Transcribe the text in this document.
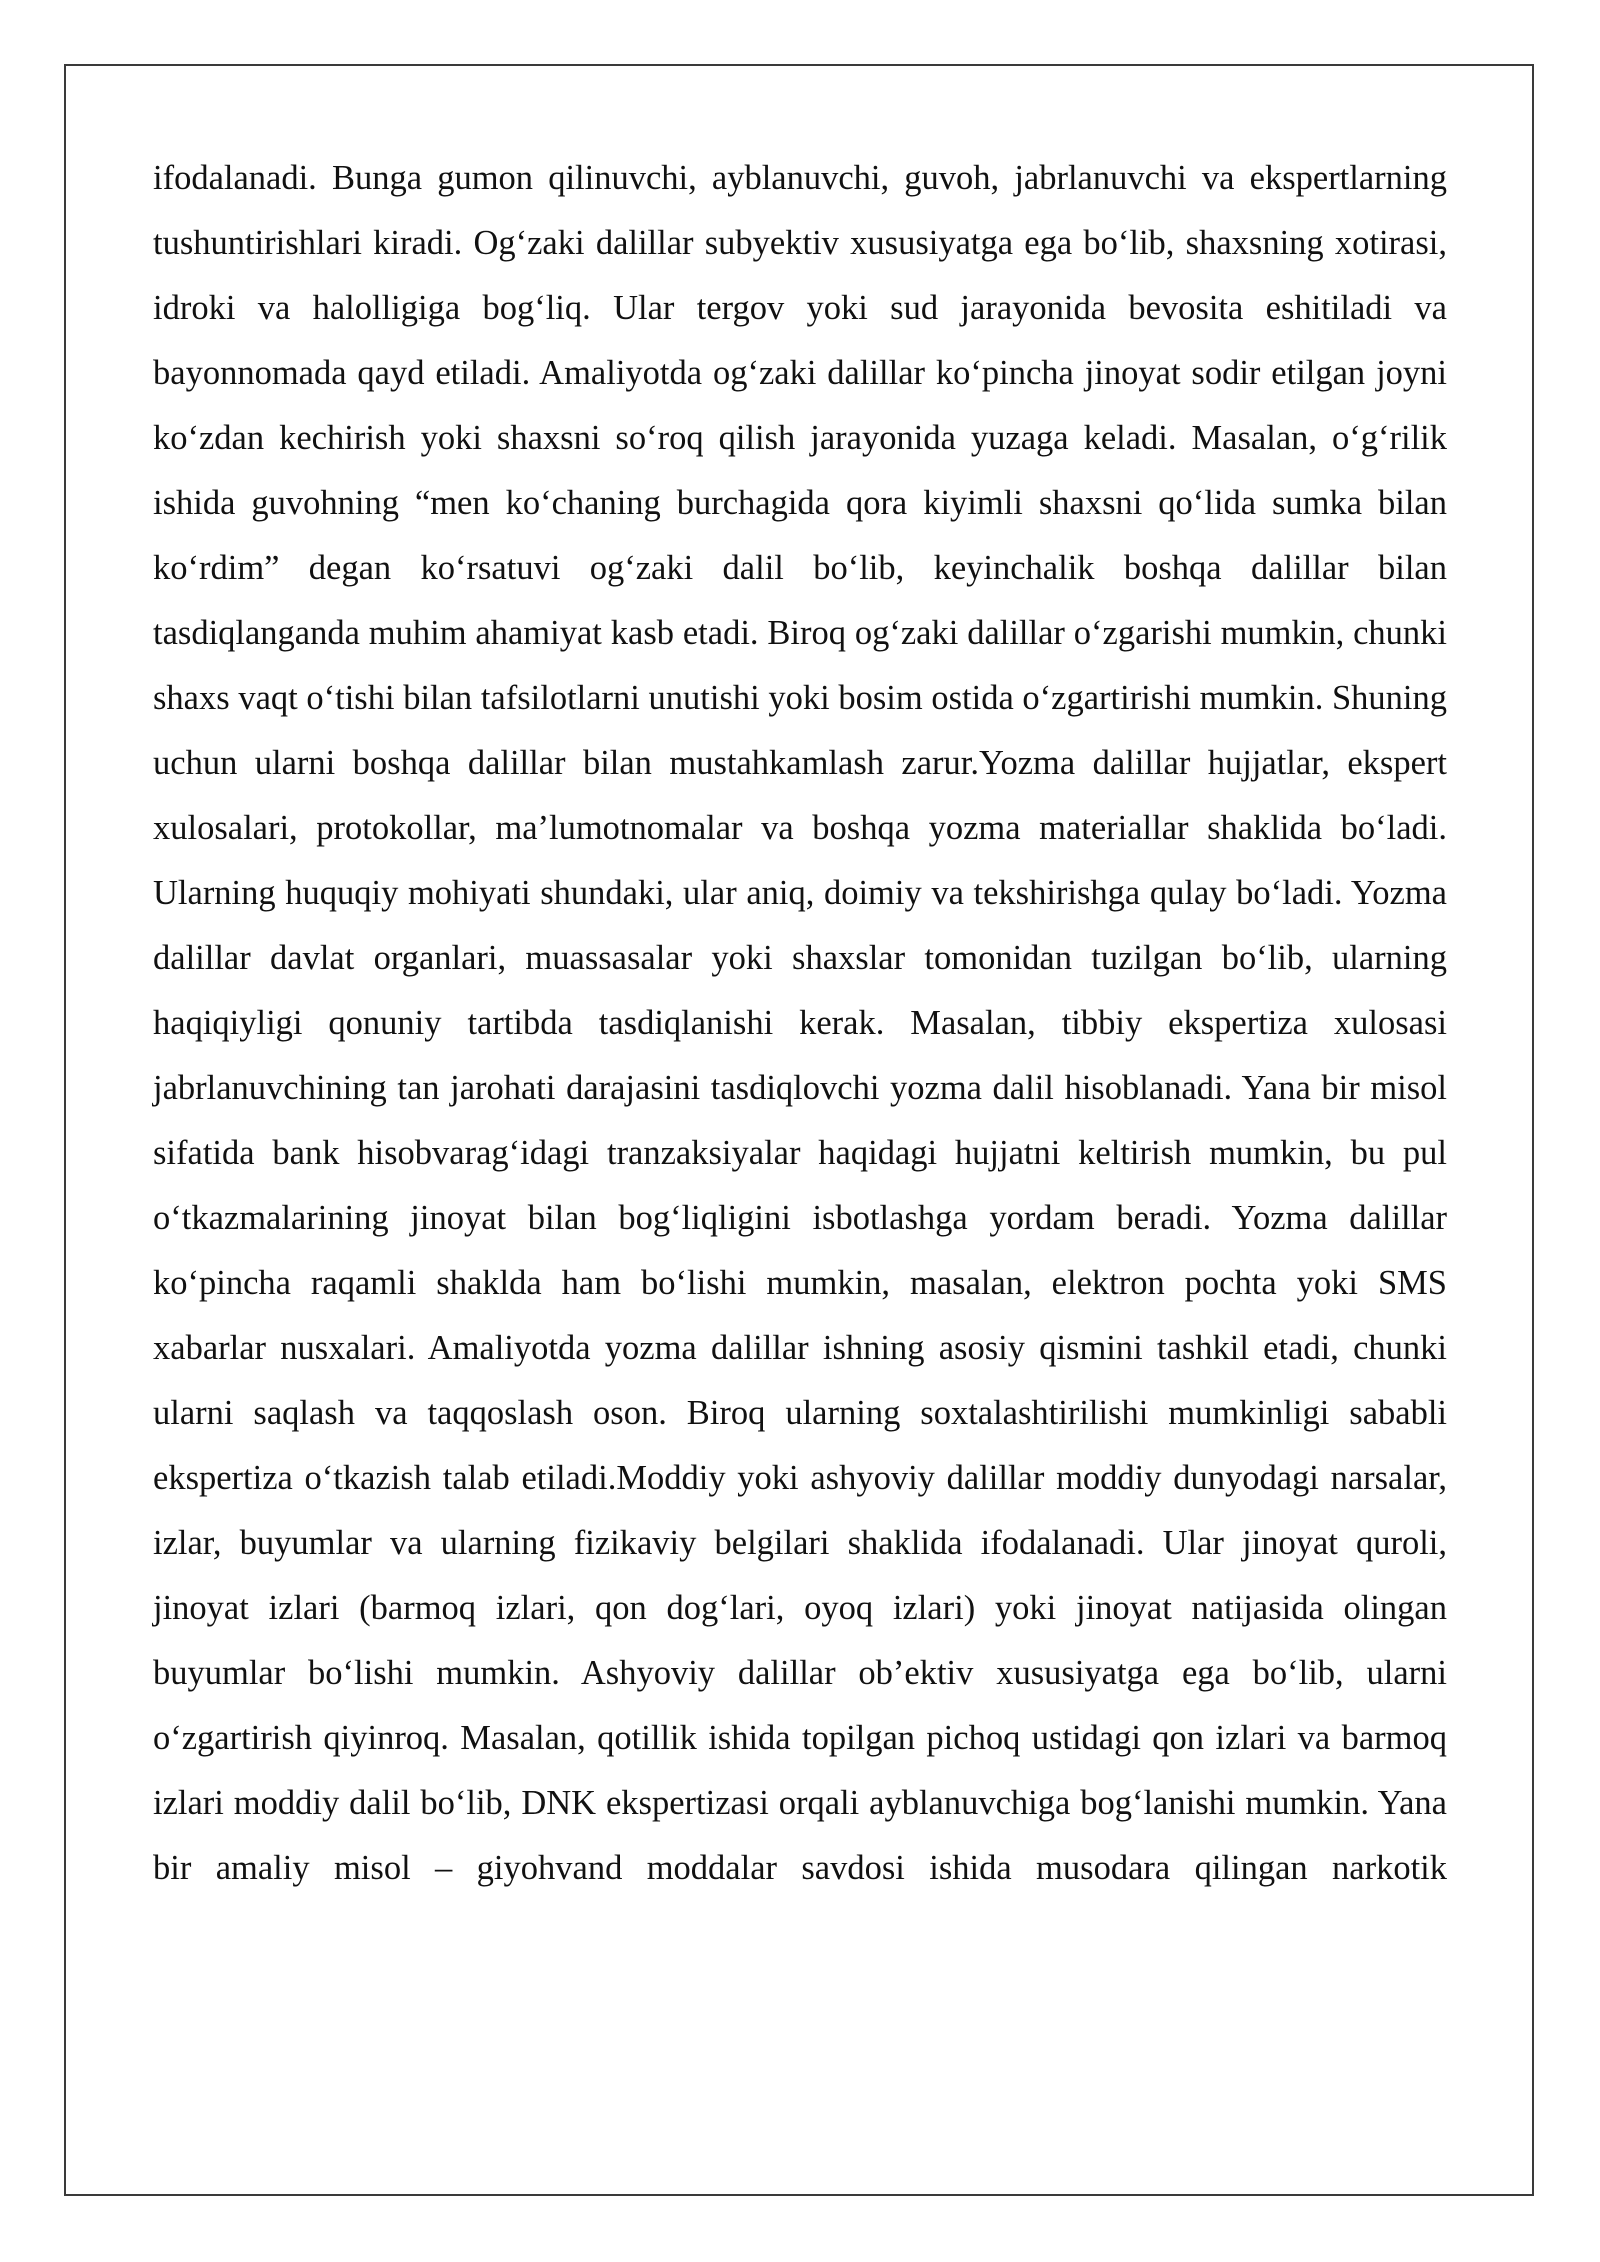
ifodalanadi. Bunga gumon qilinuvchi, ayblanuvchi, guvoh, jabrlanuvchi va ekspertlarning tushuntirishlari kiradi. Og‘zaki dalillar subyektiv xususiyatga ega bo‘lib, shaxsning xotirasi, idroki va halolligiga bog‘liq. Ular tergov yoki sud jarayonida bevosita eshitiladi va bayonnomada qayd etiladi. Amaliyotda og‘zaki dalillar ko‘pincha jinoyat sodir etilgan joyni ko‘zdan kechirish yoki shaxsni so‘roq qilish jarayonida yuzaga keladi. Masalan, o‘g‘rilik ishida guvohning “men ko‘chaning burchagida qora kiyimli shaxsni qo‘lida sumka bilan ko‘rdim” degan ko‘rsatuvi og‘zaki dalil bo‘lib, keyinchalik boshqa dalillar bilan tasdiqlanganda muhim ahamiyat kasb etadi. Biroq og‘zaki dalillar o‘zgarishi mumkin, chunki shaxs vaqt o‘tishi bilan tafsilotlarni unutishi yoki bosim ostida o‘zgartirishi mumkin. Shuning uchun ularni boshqa dalillar bilan mustahkamlash zarur.Yozma dalillar hujjatlar, ekspert xulosalari, protokollar, ma’lumotnomalar va boshqa yozma materiallar shaklida bo‘ladi. Ularning huquqiy mohiyati shundaki, ular aniq, doimiy va tekshirishga qulay bo‘ladi. Yozma dalillar davlat organlari, muassasalar yoki shaxslar tomonidan tuzilgan bo‘lib, ularning haqiqiyligi qonuniy tartibda tasdiqlanishi kerak. Masalan, tibbiy ekspertiza xulosasi jabrlanuvchining tan jarohati darajasini tasdiqlovchi yozma dalil hisoblanadi. Yana bir misol sifatida bank hisobvarag‘idagi tranzaksiyalar haqidagi hujjatni keltirish mumkin, bu pul o‘tkazmalarining jinoyat bilan bog‘liqligini isbotlashga yordam beradi. Yozma dalillar ko‘pincha raqamli shaklda ham bo‘lishi mumkin, masalan, elektron pochta yoki SMS xabarlar nusxalari. Amaliyotda yozma dalillar ishning asosiy qismini tashkil etadi, chunki ularni saqlash va taqqoslash oson. Biroq ularning soxtalashtirilishi mumkinligi sababli ekspertiza o‘tkazish talab etiladi.Moddiy yoki ashyoviy dalillar moddiy dunyodagi narsalar, izlar, buyumlar va ularning fizikaviy belgilari shaklida ifodalanadi. Ular jinoyat quroli, jinoyat izlari (barmoq izlari, qon dog‘lari, oyoq izlari) yoki jinoyat natijasida olingan buyumlar bo‘lishi mumkin. Ashyoviy dalillar ob’ektiv xususiyatga ega bo‘lib, ularni o‘zgartirish qiyinroq. Masalan, qotillik ishida topilgan pichoq ustidagi qon izlari va barmoq izlari moddiy dalil bo‘lib, DNK ekspertizasi orqali ayblanuvchiga bog‘lanishi mumkin. Yana bir amaliy misol – giyohvand moddalar savdosi ishida musodara qilingan narkotik
